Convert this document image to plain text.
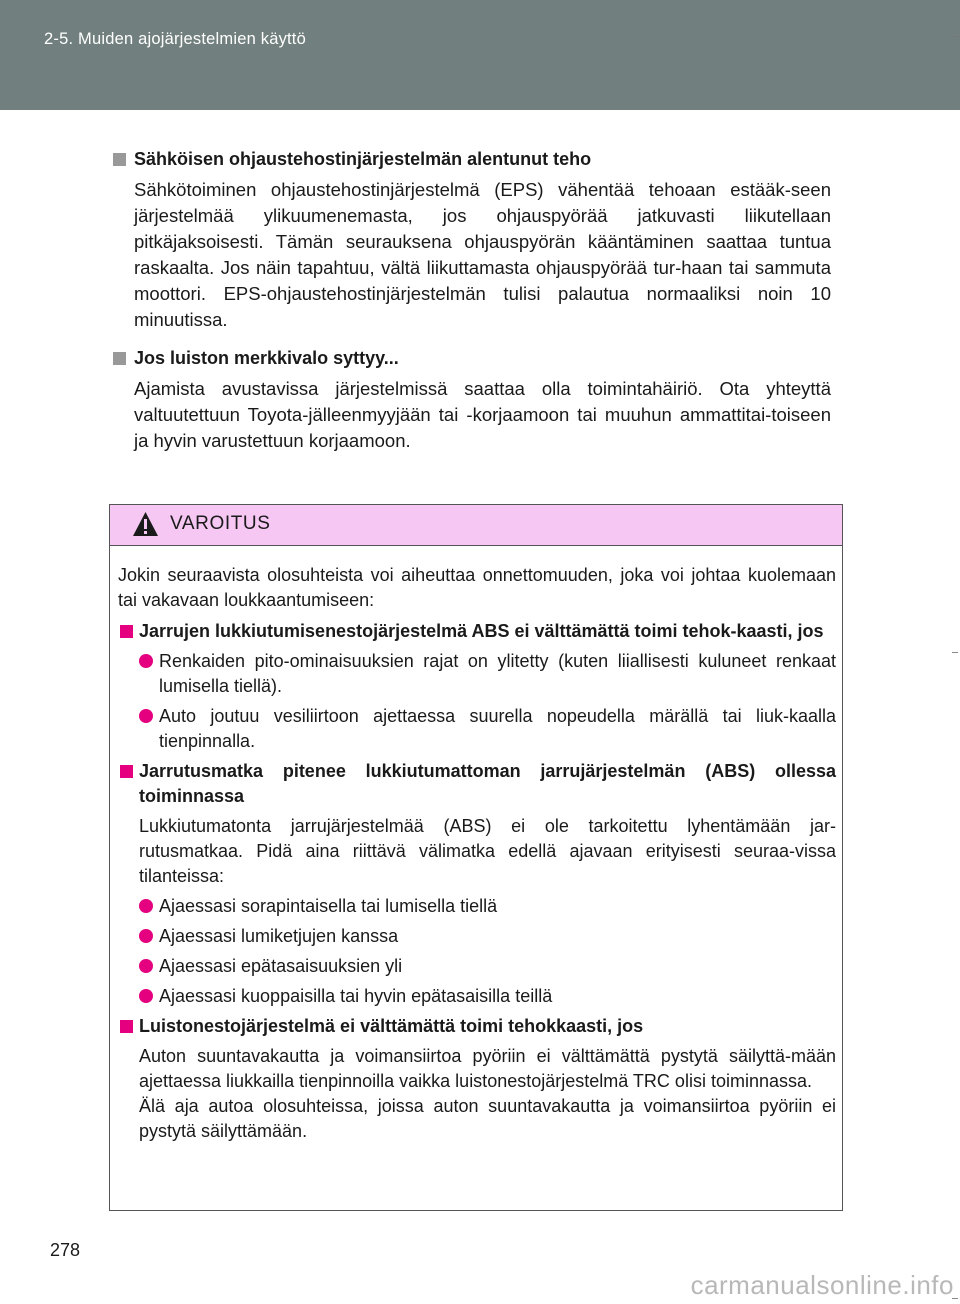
2-5. Muiden ajojärjestelmien käyttö
Sähköisen ohjaustehostinjärjestelmän alentunut teho
Sähkötoiminen ohjaustehostinjärjestelmä (EPS) vähentää tehoaan estääk-seen järjestelmää ylikuumenemasta, jos ohjauspyörää jatkuvasti liikutellaan pitkäjaksoisesti. Tämän seurauksena ohjauspyörän kääntäminen saattaa tuntua raskaalta. Jos näin tapahtuu, vältä liikuttamasta ohjauspyörää tur-haan tai sammuta moottori. EPS-ohjaustehostinjärjestelmän tulisi palautua normaaliksi noin 10 minuutissa.
Jos luiston merkkivalo syttyy...
Ajamista avustavissa järjestelmissä saattaa olla toimintahäiriö. Ota yhteyttä valtuutettuun Toyota-jälleenmyyjään tai -korjaamoon tai muuhun ammattitai-toiseen ja hyvin varustettuun korjaamoon.
VAROITUS
Jokin seuraavista olosuhteista voi aiheuttaa onnettomuuden, joka voi johtaa kuolemaan tai vakavaan loukkaantumiseen:
Jarrujen lukkiutumisenestojärjestelmä ABS ei välttämättä toimi tehok-kaasti, jos
Renkaiden pito-ominaisuuksien rajat on ylitetty (kuten liiallisesti kuluneet renkaat lumisella tiellä).
Auto joutuu vesiliirtoon ajettaessa suurella nopeudella märällä tai liuk-kaalla tienpinnalla.
Jarrutusmatka pitenee lukkiutumattoman jarrujärjestelmän (ABS) ollessa toiminnassa
Lukkiutumatonta jarrujärjestelmää (ABS) ei ole tarkoitettu lyhentämään jar-rutusmatkaa. Pidä aina riittävä välimatka edellä ajavaan erityisesti seuraa-vissa tilanteissa:
Ajaessasi sorapintaisella tai lumisella tiellä
Ajaessasi lumiketjujen kanssa
Ajaessasi epätasaisuuksien yli
Ajaessasi kuoppaisilla tai hyvin epätasaisilla teillä
Luistonestojärjestelmä ei välttämättä toimi tehokkaasti, jos
Auton suuntavakautta ja voimansiirtoa pyöriin ei välttämättä pystytä säilyttä-mään ajettaessa liukkailla tienpinnoilla vaikka luistonestojärjestelmä TRC olisi toiminnassa.
Älä aja autoa olosuhteissa, joissa auton suuntavakautta ja voimansiirtoa pyöriin ei pystytä säilyttämään.
278
carmanualsonline.info
